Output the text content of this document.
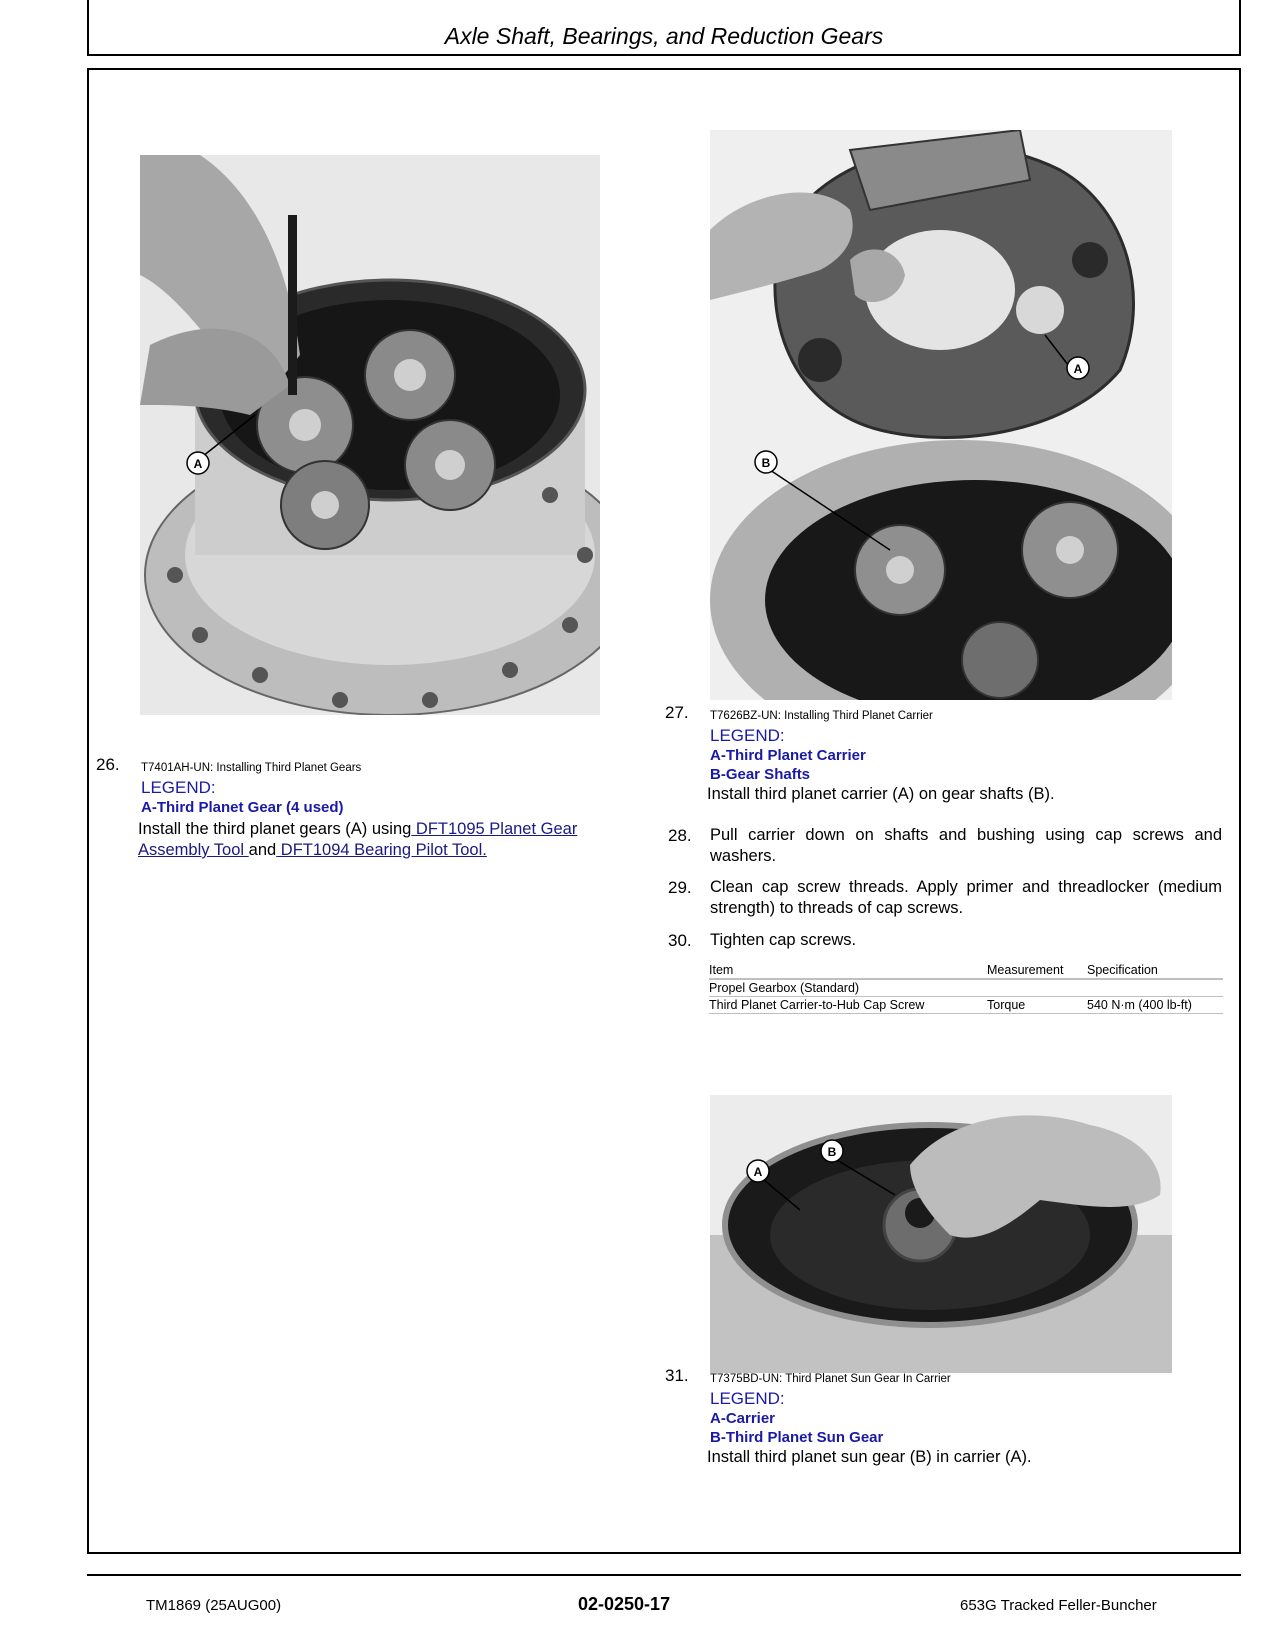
Axle Shaft, Bearings, and Reduction Gears
A
A
B
A
B
26. T7401AH-UN: Installing Third Planet Gears
LEGEND:
A-Third Planet Gear (4 used)
Install the third planet gears (A) using DFT1095 Planet Gear Assembly Tool and DFT1094 Bearing Pilot Tool.
27. T7626BZ-UN: Installing Third Planet Carrier
LEGEND:
A-Third Planet Carrier
B-Gear Shafts
Install third planet carrier (A) on gear shafts (B).
28. Pull carrier down on shafts and bushing using cap screws and washers.
29. Clean cap screw threads. Apply primer and threadlocker (medium strength) to threads of cap screws.
30. Tighten cap screws.
Item	Measurement	Specification
Propel Gearbox (Standard)		
Third Planet Carrier-to-Hub Cap Screw	Torque	540 N·m (400 lb-ft)
31. T7375BD-UN: Third Planet Sun Gear In Carrier
LEGEND:
A-Carrier
B-Third Planet Sun Gear
Install third planet sun gear (B) in carrier (A).
TM1869 (25AUG00)	02-0250-17	653G Tracked Feller-Buncher
